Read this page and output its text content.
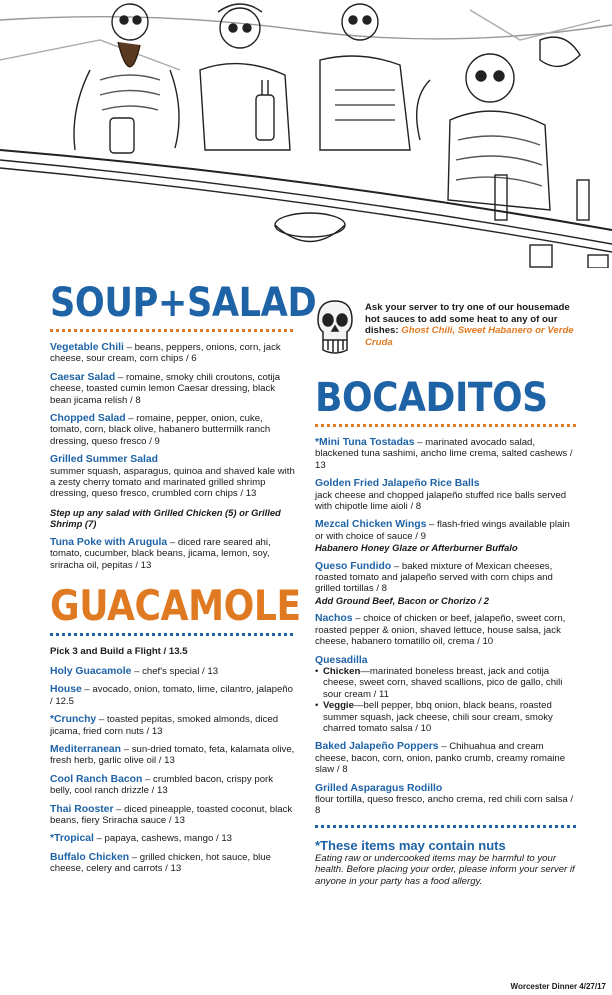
SOUP+SALAD
Vegetable Chili – beans, peppers, onions, corn, jack cheese, sour cream, corn chips / 6
Caesar Salad – romaine, smoky chili croutons, cotija cheese, toasted cumin lemon Caesar dressing, black bean jicama relish / 8
Chopped Salad – romaine, pepper, onion, cuke, tomato, corn, black olive, habanero buttermilk ranch dressing, queso fresco / 9
Grilled Summer Salad
summer squash, asparagus, quinoa and shaved kale with a zesty cherry tomato and marinated grilled shrimp dressing, queso fresco, crumbled corn chips / 13
Step up any salad with Grilled Chicken (5) or Grilled Shrimp (7)
Tuna Poke with Arugula – diced rare seared ahi, tomato, cucumber, black beans, jicama, lemon, soy, sriracha oil, pepitas / 13
GUACAMOLE
Pick 3 and Build a Flight / 13.5
Holy Guacamole – chef's special / 13
House – avocado, onion, tomato, lime, cilantro, jalapeño / 12.5
*Crunchy – toasted pepitas, smoked almonds, diced jicama, fried corn nuts / 13
Mediterranean – sun-dried tomato, feta, kalamata olive, fresh herb, garlic olive oil / 13
Cool Ranch Bacon – crumbled bacon, crispy pork belly, cool ranch drizzle / 13
Thai Rooster – diced pineapple, toasted coconut, black beans, fiery Sriracha sauce / 13
*Tropical – papaya, cashews, mango / 13
Buffalo Chicken – grilled chicken, hot sauce, blue cheese, celery and carrots / 13
Ask your server to try one of our housemade hot sauces to add some heat to any of our dishes: Ghost Chili, Sweet Habanero or Verde Cruda
BOCADITOS
*Mini Tuna Tostadas – marinated avocado salad, blackened tuna sashimi, ancho lime crema, salted cashews / 13
Golden Fried Jalapeño Rice Balls
jack cheese and chopped jalapeño stuffed rice balls served with chipotle lime aioli / 8
Mezcal Chicken Wings – flash-fried wings available plain or with choice of sauce / 9
Habanero Honey Glaze or Afterburner Buffalo
Queso Fundido – baked mixture of Mexican cheeses, roasted tomato and jalapeño served with corn chips and grilled tortillas / 8
Add Ground Beef, Bacon or Chorizo / 2
Nachos – choice of chicken or beef, jalapeño, sweet corn, roasted pepper & onion, shaved lettuce, house salsa, jack cheese, habanero tomatillo oil, crema / 10
Quesadilla
• Chicken—marinated boneless breast, jack and cotija cheese, sweet corn, shaved scallions, pico de gallo, chili sour cream / 11
• Veggie—bell pepper, bbq onion, black beans, roasted summer squash, jack cheese, chili sour cream, smoky charred tomato salsa / 10
Baked Jalapeño Poppers – Chihuahua and cream cheese, bacon, corn, onion, panko crumb, creamy romaine slaw / 8
Grilled Asparagus Rodillo
flour tortilla, queso fresco, ancho crema, red chili corn salsa / 8
*These items may contain nuts
Eating raw or undercooked items may be harmful to your health. Before placing your order, please inform your server if anyone in your party has a food allergy.
Worcester Dinner 4/27/17
